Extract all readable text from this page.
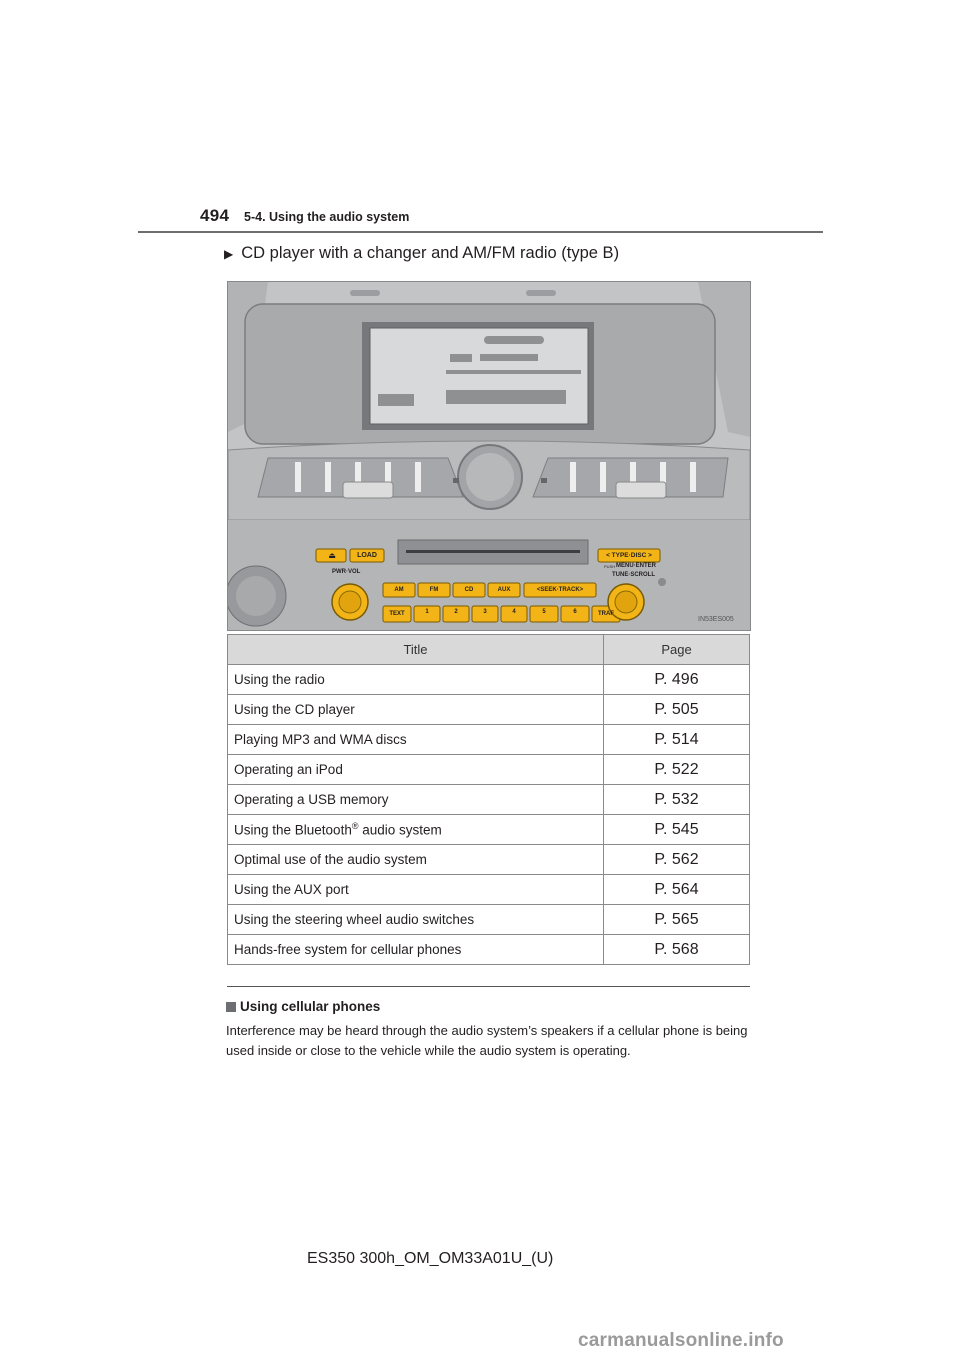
494 5-4. Using the audio system
▶ CD player with a changer and AM/FM radio (type B)
⏏	LOAD	< TYPE·DISC >
PWR·VOL
PUSH MENU·ENTER
TUNE·SCROLL
AM	FM	CD	AUX	<SEEK·TRACK>
TEXT	1	2	3	4	5	6	TRAF
IN53ES005
Title	Page
Using the radio	P. 496
Using the CD player	P. 505
Playing MP3 and WMA discs	P. 514
Operating an iPod	P. 522
Operating a USB memory	P. 532
Using the Bluetooth® audio system	P. 545
Optimal use of the audio system	P. 562
Using the AUX port	P. 564
Using the steering wheel audio switches	P. 565
Hands-free system for cellular phones	P. 568
Using cellular phones
Interference may be heard through the audio system’s speakers if a cellular phone is being used inside or close to the vehicle while the audio system is operating.
ES350 300h_OM_OM33A01U_(U)
carmanualsonline.info
